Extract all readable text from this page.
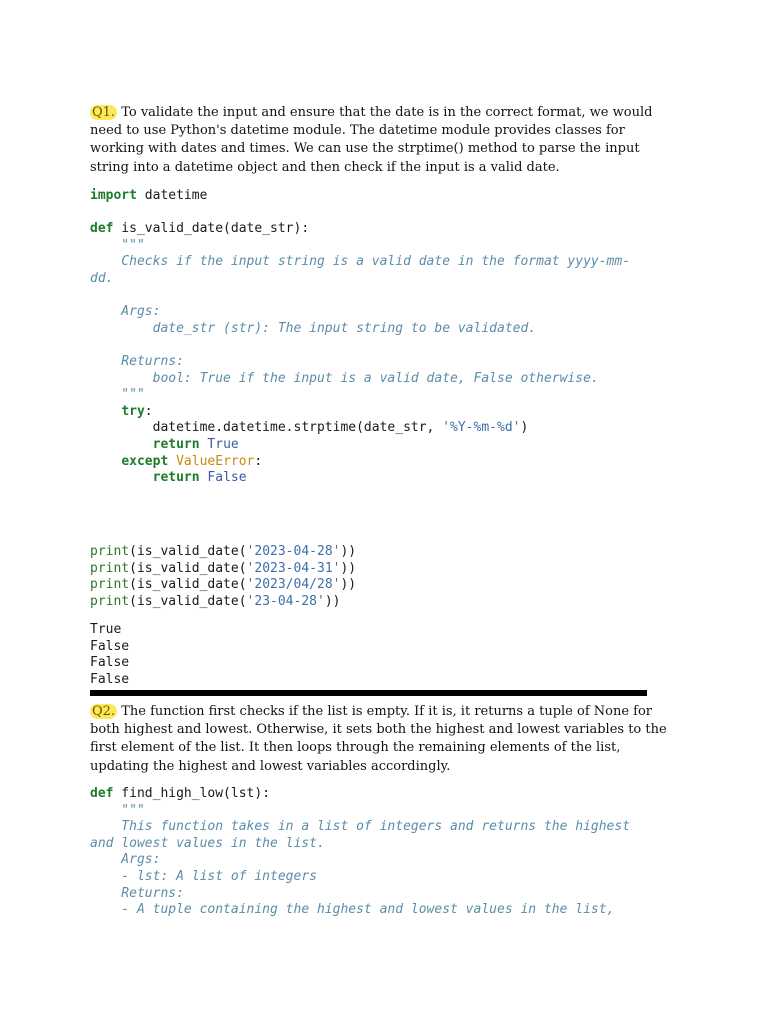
Q1. To validate the input and ensure that the date is in the correct format, we would need to use Python's datetime module. The datetime module provides classes for working with dates and times. We can use the strptime() method to parse the input string into a datetime object and then check if the input is a valid date.

import datetime
def is_valid_date(date_str):
"""
Checks if the input string is a valid date in the format yyyy-mm-
dd.
Args:
date_str (str): The input string to be validated.
Returns:
bool: True if the input is a valid date, False otherwise.
"""
try:
datetime.datetime.strptime(date_str, '%Y-%m-%d')
return True
except ValueError:
return False
print(is_valid_date('2023-04-28'))
print(is_valid_date('2023-04-31'))
print(is_valid_date('2023/04/28'))
print(is_valid_date('23-04-28'))
True
False
False
False

Q2. The function first checks if the list is empty. If it is, it returns a tuple of None for both highest and lowest. Otherwise, it sets both the highest and lowest variables to the first element of the list. It then loops through the remaining elements of the list, updating the highest and lowest variables accordingly.

def find_high_low(lst):
"""
This function takes in a list of integers and returns the highest
and lowest values in the list.
Args:
- lst: A list of integers
Returns:
- A tuple containing the highest and lowest values in the list,
